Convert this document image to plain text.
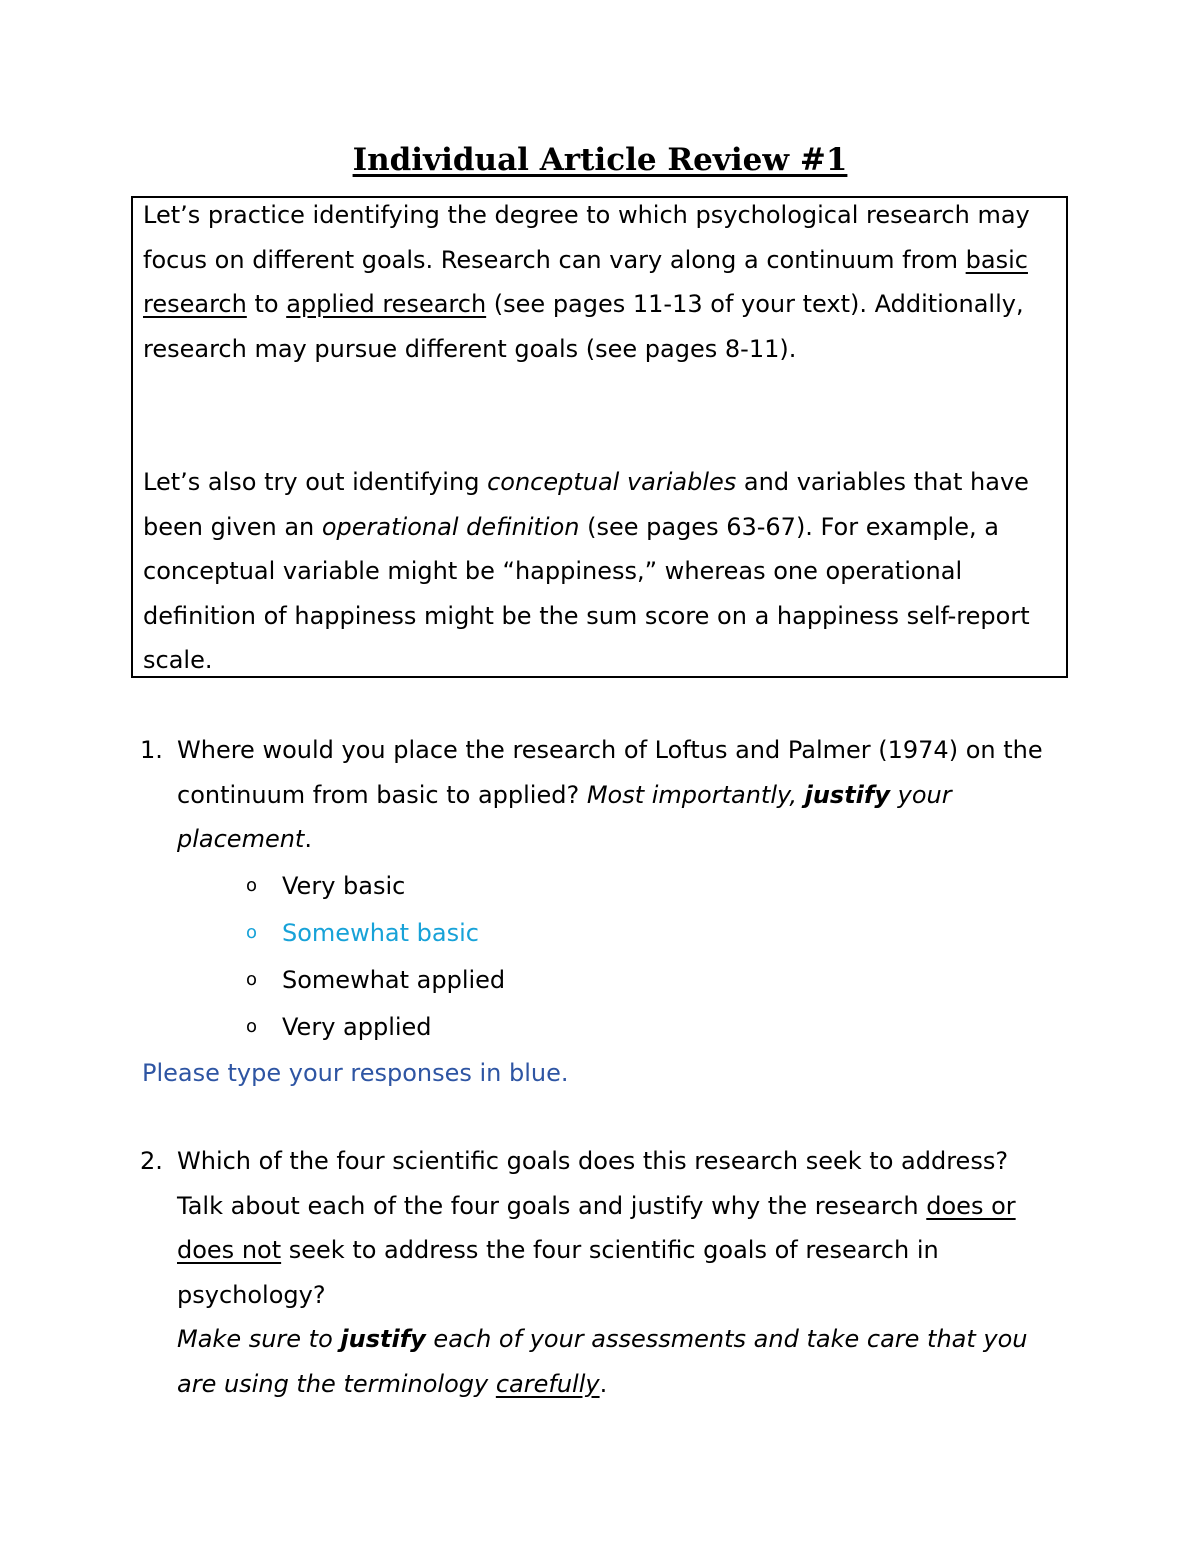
Individual Article Review #1

Let’s practice identifying the degree to which psychological research may focus on different goals. Research can vary along a continuum from basic research to applied research (see pages 11-13 of your text). Additionally, research may pursue different goals (see pages 8-11).

Let’s also try out identifying conceptual variables and variables that have been given an operational definition (see pages 63-67). For example, a conceptual variable might be “happiness,” whereas one operational definition of happiness might be the sum score on a happiness self-report scale.

1. Where would you place the research of Loftus and Palmer (1974) on the continuum from basic to applied? Most importantly, justify your placement.
o Very basic
o Somewhat basic
o Somewhat applied
o Very applied
Please type your responses in blue.
2. Which of the four scientific goals does this research seek to address? Talk about each of the four goals and justify why the research does or does not seek to address the four scientific goals of research in psychology?
Make sure to justify each of your assessments and take care that you are using the terminology carefully.
